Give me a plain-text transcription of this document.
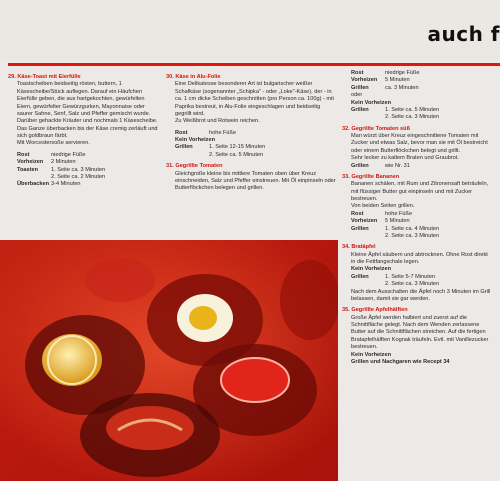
auch f
29. Käse-Toast mit Eierfülle

Toastscheiben beidseitig rösten, buttern, 1 Käsescheibe/Stück auflegen. Darauf ein Häufchen Eierfülle geben, die aus hartgekochten, gewürfelten Eiern, gewürfelter Gewürzgurken, Mayonnaise oder saurer Sahne, Senf, Salz und Pfeffer gemischt wurde. Darüber gehackte Kräuter und nochmals 1 Käsescheibe. Das Ganze überbacken bis der Käse cremig zerläuft und sich goldbraun färbt.

Mit Worcestersoße servieren.

Rost	niedrige Füße
Vorheizen	2 Minuten
Toasten	1. Seite ca. 3 Minuten
2. Seite ca. 2 Minuten
Überbacken 3-4 Minuten
30. Käse in Alu-Folie

Eine Delikatesse besonderer Art ist bulgarischer weißer Schafkäse (sogenannter „Schipka" - oder „Loke"-Käse), der - in ca. 1 cm dicke Scheiben geschnitten (pro Person ca. 100g) - mit Paprika bestreut, in Alu-Folie eingeschlagen und beidseitig gegrillt wird.

Zu Weißbrot und Rotwein reichen.

Rost	hohe Füße
Kein Vorheizen
Grillen	1. Seite 12-15 Minuten
2. Seite ca. 5 Minuten
31. Gegrillte Tomaten

Gleichgroße kleine bis mittlere Tomaten oben über Kreuz einschneiden, Salz und Pfeffer einstreuen. Mit Öl einpinseln oder Butterflöckchen belegen und grillen.

Rost	niedrige Füße
Vorheizen	5 Minuten
Grillen	ca. 3 Minuten
oder
Kein Vorheizen
Grillen	1. Seite ca. 5 Minuten
2. Seite ca. 3 Minuten
32. Gegrillte Tomaten süß

Man würzt über Kreuz eingeschnittene Tomaten mit Zucker und etwas Salz, bevor man sie mit Öl bestreicht oder einem Butterflöckchen belegt und grillt.

Sehr lecker zu kaltem Braten und Graubrot.

Grillen	wie Nr. 31
33. Gegrillte Bananen

Bananen schälen, mit Rum und Zitronensaft beträufeln, mit flüssiger Butter gut einpinseln und mit Zucker bestreuen.

Von beiden Seiten grillen.

Rost	hohe Füße
Vorheizen	5 Minuten
Grillen	1. Seite ca. 4 Minuten
2. Seite ca. 3 Minuten
34. Bratäpfel

Kleine Äpfel säubern und abtrocknen. Ohne Rost direkt in die Fettfangschale legen.

Kein Vorheizen
Grillen	1. Seite 5-7 Minuten
2. Seite ca. 3 Minuten

Nach dem Ausschalten die Äpfel noch 3 Minuten im Grill belassen, damit sie gar werden.

35. Gegrillte Apfelhälften

Große Äpfel werden halbiert und zuerst auf die Schnittfläche gelegt. Nach dem Wenden zerlassene Butter auf die Schnittflächen streichen. Auf die fertigen Bratapfelhälften Kognak träufeln. Evtl. mit Vanillezucker bestreuen.

Kein Vorheizen
Grillen und Nachgaren wie Recept 34
